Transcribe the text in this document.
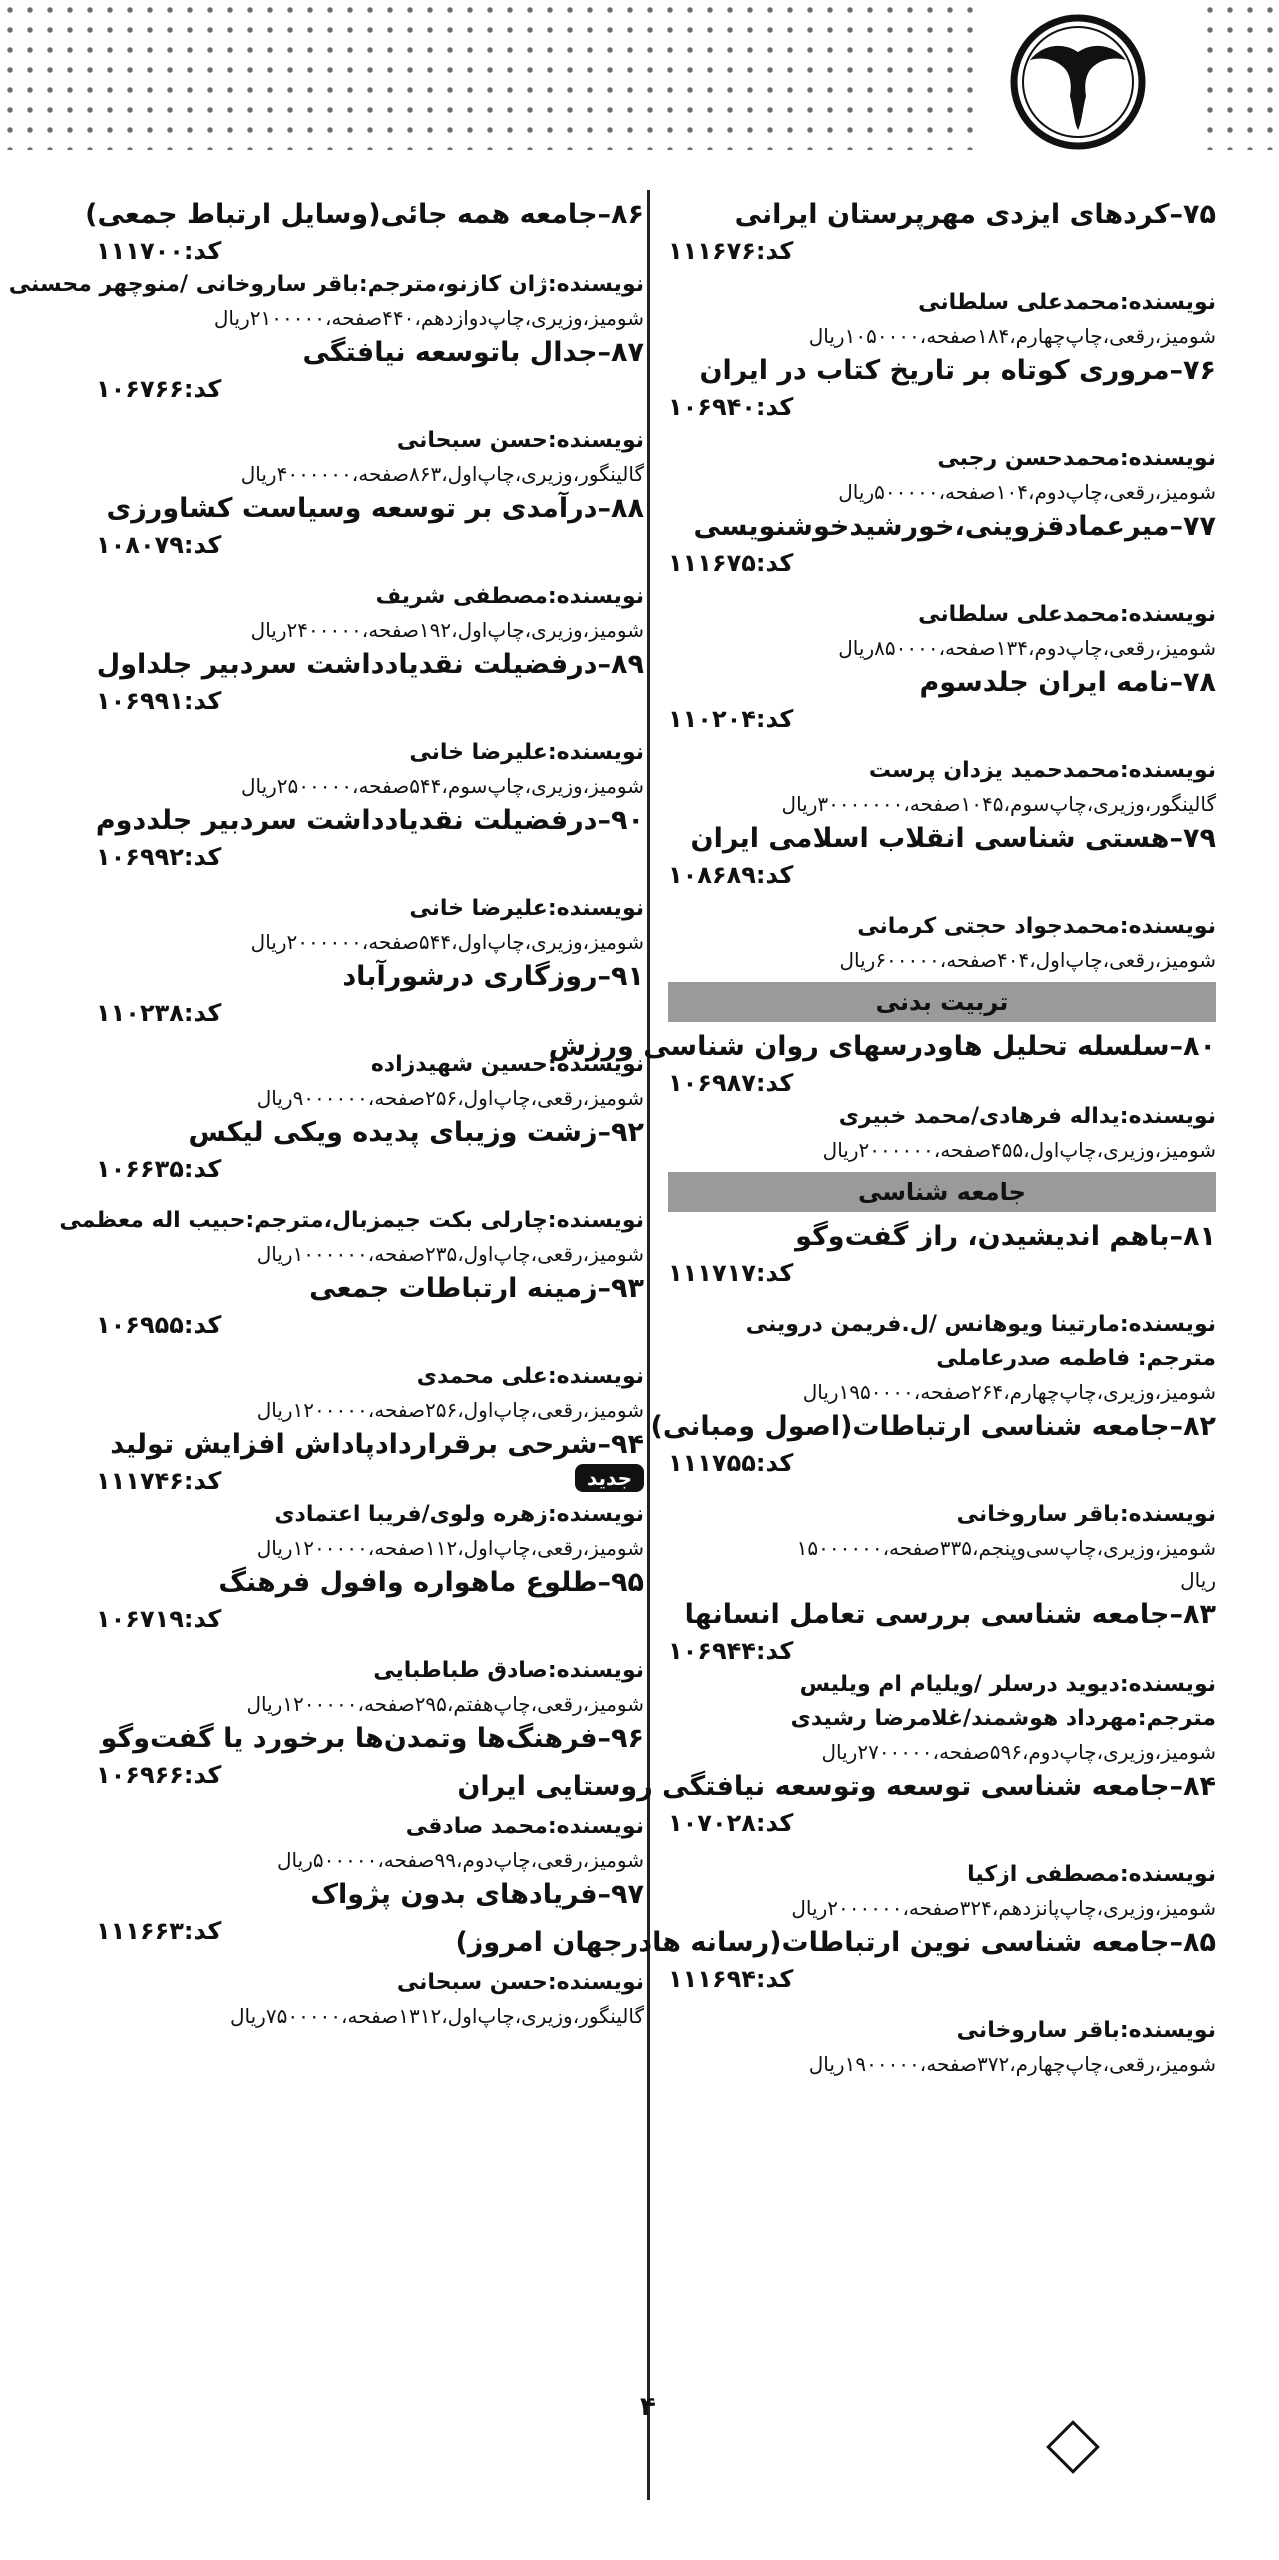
۷۵–کردهای ایزدی مهرپرستان ایرانی
کد:۱۱۱۶۷۶
نویسنده:محمدعلی سلطانی
شومیز،رقعی،چاپ‌چهارم،۱۸۴صفحه،۱۰۵۰۰۰۰ریال
۷۶–مروری کوتاه بر تاریخ کتاب در ایران
کد:۱۰۶۹۴۰
نویسنده:محمدحسن رجبی
شومیز،رقعی،چاپ‌دوم،۱۰۴صفحه،۵۰۰۰۰۰ریال
۷۷–میرعمادقزوینی،خورشیدخوشنویسی
کد:۱۱۱۶۷۵
نویسنده:محمدعلی سلطانی
شومیز،رقعی،چاپ‌دوم،۱۳۴صفحه،۸۵۰۰۰۰ریال
۷۸–نامه ایران جلدسوم
کد:۱۱۰۲۰۴
نویسنده:محمدحمید یزدان پرست
گالینگور،وزیری،چاپ‌سوم،۱۰۴۵صفحه،۳۰۰۰۰۰۰۰ریال
۷۹–هستی شناسی انقلاب اسلامی ایران
کد:۱۰۸۶۸۹
نویسنده:محمدجواد حجتی کرمانی
شومیز،رقعی،چاپ‌اول،۴۰۴صفحه،۶۰۰۰۰۰ریال
تربیت بدنی
۸۰–سلسله تحلیل هاودرسهای روان شناسی ورزش
کد:۱۰۶۹۸۷
نویسنده:یداله فرهادی/محمد خبیری
شومیز،وزیری،چاپ‌اول،۴۵۵صفحه،۲۰۰۰۰۰۰ریال
جامعه شناسی
۸۱–باهم اندیشیدن، راز گفت‌وگو
کد:۱۱۱۷۱۷
نویسنده:مارتینا ویوهانس /ل.فریمن دروینی
مترجم: فاطمه صدرعاملی
شومیز،وزیری،چاپ‌چهارم،۲۶۴صفحه،۱۹۵۰۰۰۰ریال
۸۲–جامعه شناسی ارتباطات(اصول ومبانی)
کد:۱۱۱۷۵۵
نویسنده:باقر ساروخانی
شومیز،وزیری،چاپ‌سی‌وپنجم،۳۳۵صفحه،۱۵۰۰۰۰۰۰
ریال
۸۳–جامعه شناسی بررسی تعامل انسانها
کد:۱۰۶۹۴۴
نویسنده:دیوید درسلر /ویلیام ام ویلیس
مترجم:مهرداد هوشمند/غلامرضا رشیدی
شومیز،وزیری،چاپ‌دوم،۵۹۶صفحه،۲۷۰۰۰۰۰ریال
۸۴–جامعه شناسی توسعه وتوسعه نیافتگی روستایی ایران
کد:۱۰۷۰۲۸
نویسنده:مصطفی ازکیا
شومیز،وزیری،چاپ‌پانزدهم،۳۲۴صفحه،۲۰۰۰۰۰۰ریال
۸۵–جامعه شناسی نوین ارتباطات(رسانه هادرجهان امروز)
کد:۱۱۱۶۹۴
نویسنده:باقر ساروخانی
شومیز،رقعی،چاپ‌چهارم،۳۷۲صفحه،۱۹۰۰۰۰۰ریال
۸۶–جامعه همه جائی(وسایل ارتباط جمعی)
کد:۱۱۱۷۰۰
نویسنده:ژان کازنو،مترجم:باقر ساروخانی /منوچهر محسنی
شومیز،وزیری،چاپ‌دوازدهم،۴۴۰صفحه،۲۱۰۰۰۰۰ریال
۸۷–جدال باتوسعه نیافتگی
کد:۱۰۶۷۶۶
نویسنده:حسن سبحانی
گالینگور،وزیری،چاپ‌اول،۸۶۳صفحه،۴۰۰۰۰۰۰ریال
۸۸–درآمدی بر توسعه وسیاست کشاورزی
کد:۱۰۸۰۷۹
نویسنده:مصطفی شریف
شومیز،وزیری،چاپ‌اول،۱۹۲صفحه،۲۴۰۰۰۰۰ریال
۸۹–درفضیلت نقدیادداشت سردبیر جلداول
کد:۱۰۶۹۹۱
نویسنده:علیرضا خانی
شومیز،وزیری،چاپ‌سوم،۵۴۴صفحه،۲۵۰۰۰۰۰ریال
۹۰–درفضیلت نقدیادداشت سردبیر جلددوم
کد:۱۰۶۹۹۲
نویسنده:علیرضا خانی
شومیز،وزیری،چاپ‌اول،۵۴۴صفحه،۲۰۰۰۰۰۰ریال
۹۱–روزگاری درشورآباد
کد:۱۱۰۲۳۸
نویسنده:حسین شهیدزاده
شومیز،رقعی،چاپ‌اول،۲۵۶صفحه،۹۰۰۰۰۰۰ریال
۹۲–زشت وزیبای پدیده ویکی لیکس
کد:۱۰۶۶۳۵
نویسنده:چارلی بکت جیمزبال،مترجم:حبیب اله معظمی
شومیز،رقعی،چاپ‌اول،۲۳۵صفحه،۱۰۰۰۰۰۰ریال
۹۳–زمینه ارتباطات جمعی
کد:۱۰۶۹۵۵
نویسنده:علی محمدی
شومیز،رقعی،چاپ‌اول،۲۵۶صفحه،۱۲۰۰۰۰۰ریال
۹۴–شرحی برقراردادپاداش افزایش تولید
کد:۱۱۱۷۴۶	جدید
نویسنده:زهره ولوی/فریبا اعتمادی
شومیز،رقعی،چاپ‌اول،۱۱۲صفحه،۱۲۰۰۰۰۰ریال
۹۵–طلوع ماهواره وافول فرهنگ
کد:۱۰۶۷۱۹
نویسنده:صادق طباطبایی
شومیز،رقعی،چاپ‌هفتم،۲۹۵صفحه،۱۲۰۰۰۰۰ریال
۹۶–فرهنگ‌ها وتمدن‌ها برخورد یا گفت‌وگو
کد:۱۰۶۹۶۶
نویسنده:محمد صادقی
شومیز،رقعی،چاپ‌دوم،۹۹صفحه،۵۰۰۰۰۰ریال
۹۷–فریادهای بدون پژواک
کد:۱۱۱۶۶۳
نویسنده:حسن سبحانی
گالینگور،وزیری،چاپ‌اول،۱۳۱۲صفحه،۷۵۰۰۰۰۰ریال
۴
